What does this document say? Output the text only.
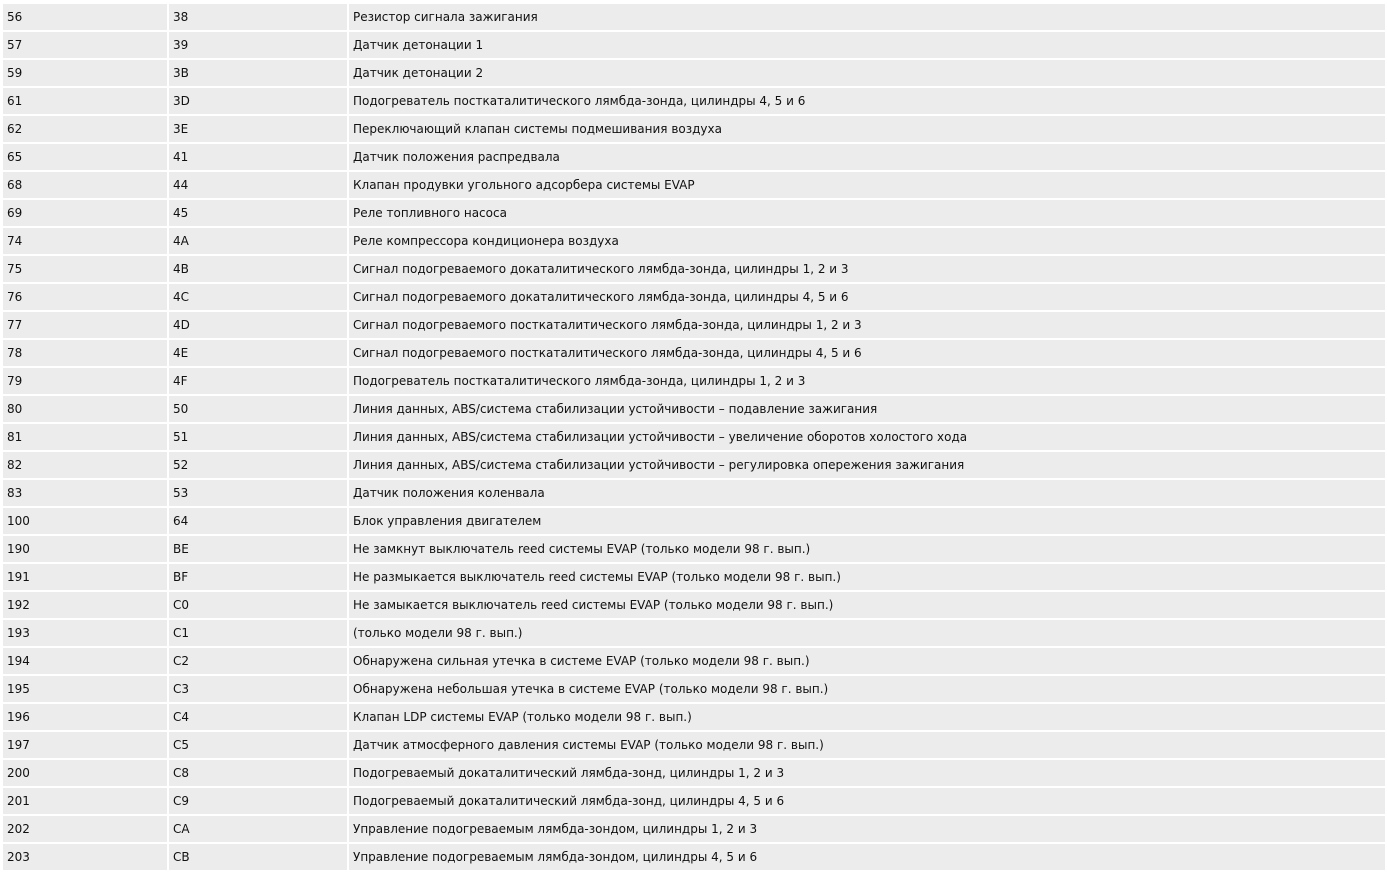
56	38	Резистор сигнала зажигания
57	39	Датчик детонации 1
59	3B	Датчик детонации 2
61	3D	Подогреватель посткаталитического лямбда-зонда, цилиндры 4, 5 и 6
62	3E	Переключающий клапан системы подмешивания воздуха
65	41	Датчик положения распредвала
68	44	Клапан продувки угольного адсорбера системы EVAP
69	45	Реле топливного насоса
74	4A	Реле компрессора кондиционера воздуха
75	4B	Сигнал подогреваемого докаталитического лямбда-зонда, цилиндры 1, 2 и 3
76	4C	Сигнал подогреваемого докаталитического лямбда-зонда, цилиндры 4, 5 и 6
77	4D	Сигнал подогреваемого посткаталитического лямбда-зонда, цилиндры 1, 2 и 3
78	4E	Сигнал подогреваемого посткаталитического лямбда-зонда, цилиндры 4, 5 и 6
79	4F	Подогреватель посткаталитического лямбда-зонда, цилиндры 1, 2 и 3
80	50	Линия данных, ABS/система стабилизации устойчивости – подавление зажигания
81	51	Линия данных, ABS/система стабилизации устойчивости – увеличение оборотов холостого хода
82	52	Линия данных, ABS/система стабилизации устойчивости – регулировка опережения зажигания
83	53	Датчик положения коленвала
100	64	Блок управления двигателем
190	BE	Не замкнут выключатель reed системы EVAP (только модели 98 г. вып.)
191	BF	Не размыкается выключатель reed системы EVAP (только модели 98 г. вып.)
192	C0	Не замыкается выключатель reed системы EVAP (только модели 98 г. вып.)
193	C1	(только модели 98 г. вып.)
194	C2	Обнаружена сильная утечка в системе EVAP (только модели 98 г. вып.)
195	C3	Обнаружена небольшая утечка в системе EVAP (только модели 98 г. вып.)
196	C4	Клапан LDP системы EVAP (только модели 98 г. вып.)
197	C5	Датчик атмосферного давления системы EVAP (только модели 98 г. вып.)
200	C8	Подогреваемый докаталитический лямбда-зонд, цилиндры 1, 2 и 3
201	C9	Подогреваемый докаталитический лямбда-зонд, цилиндры 4, 5 и 6
202	CA	Управление подогреваемым лямбда-зондом, цилиндры 1, 2 и 3
203	CB	Управление подогреваемым лямбда-зондом, цилиндры 4, 5 и 6
